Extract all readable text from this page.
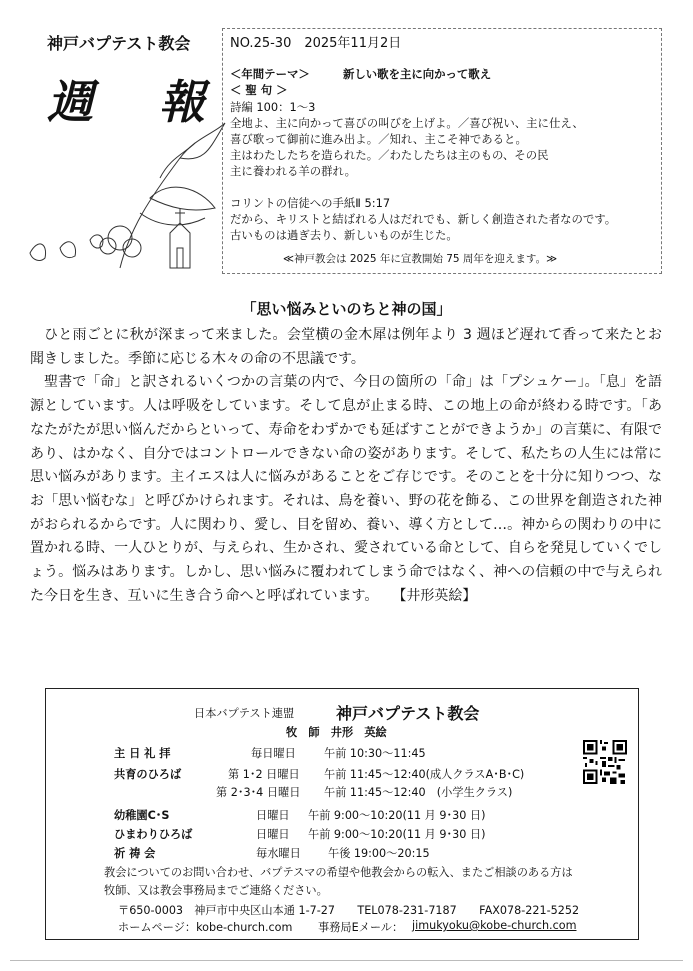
神戸バプテスト教会
週　報
NO.25-30　2025年11月2日
＜年間テーマ＞	新しい歌を主に向かって歌え
＜ 聖 句 ＞
詩編 100：1～3
全地よ、主に向かって喜びの叫びを上げよ。／喜び祝い、主に仕え、
喜び歌って御前に進み出よ。／知れ、主こそ神であると。
主はわたしたちを造られた。／わたしたちは主のもの、その民
主に養われる羊の群れ。
コリントの信徒への手紙Ⅱ 5:17
だから、キリストと結ばれる人はだれでも、新しく創造された者なのです。
古いものは過ぎ去り、新しいものが生じた。
≪神戸教会は 2025 年に宣教開始 75 周年を迎えます。≫
「思い悩みといのちと神の国」

ひと雨ごとに秋が深まって来ました。会堂横の金木犀は例年より 3 週ほど遅れて香って来たとお聞きしました。季節に応じる木々の命の不思議です。

聖書で「命」と訳されるいくつかの言葉の内で、今日の箇所の「命」は「プシュケー」。「息」を語源としています。人は呼吸をしています。そして息が止まる時、この地上の命が終わる時です。「あなたがたが思い悩んだからといって、寿命をわずかでも延ばすことができようか」の言葉に、有限であり、はかなく、自分ではコントロールできない命の姿があります。そして、私たちの人生には常に思い悩みがあります。主イエスは人に悩みがあることをご存じです。そのことを十分に知りつつ、なお「思い悩むな」と呼びかけられます。それは、鳥を養い、野の花を飾る、この世界を創造された神がおられるからです。人に関わり、愛し、目を留め、養い、導く方として…。神からの関わりの中に置かれる時、一人ひとりが、与えられ、生かされ、愛されている命として、自らを発見していくでしょう。悩みはあります。しかし、思い悩みに覆われてしまう命ではなく、神への信頼の中で与えられた今日を生き、互いに生き合う命へと呼ばれています。　　 【井形英絵】

日本バプテスト連盟	神戸バプテスト教会
牧　師　井形　英絵
主 日 礼 拝	毎日曜日	午前 10:30～11:45
共育のひろば	第 1･2 日曜日 午前 11:45～12:40(成人クラスA･B･C)
第 2･3･4 日曜日 午前 11:45～12:40　(小学生クラス)
幼稚園C･S	日曜日 午前 9:00～10:20(11 月 9･30 日)
ひまわりひろば	日曜日 午前 9:00～10:20(11 月 9･30 日)
祈 祷 会	毎水曜日 午後 19:00～20:15
教会についてのお問い合わせ、バプテスマの希望や他教会からの転入、またご相談のある方は
牧師、又は教会事務局までご連絡ください。
〒650-0003　神戸市中央区山本通 1-7-27　　TEL078-231-7187　　FAX078-221-5252
ホームページ：kobe-church.com 事務局Eメール： jimukyoku@kobe-church.com
